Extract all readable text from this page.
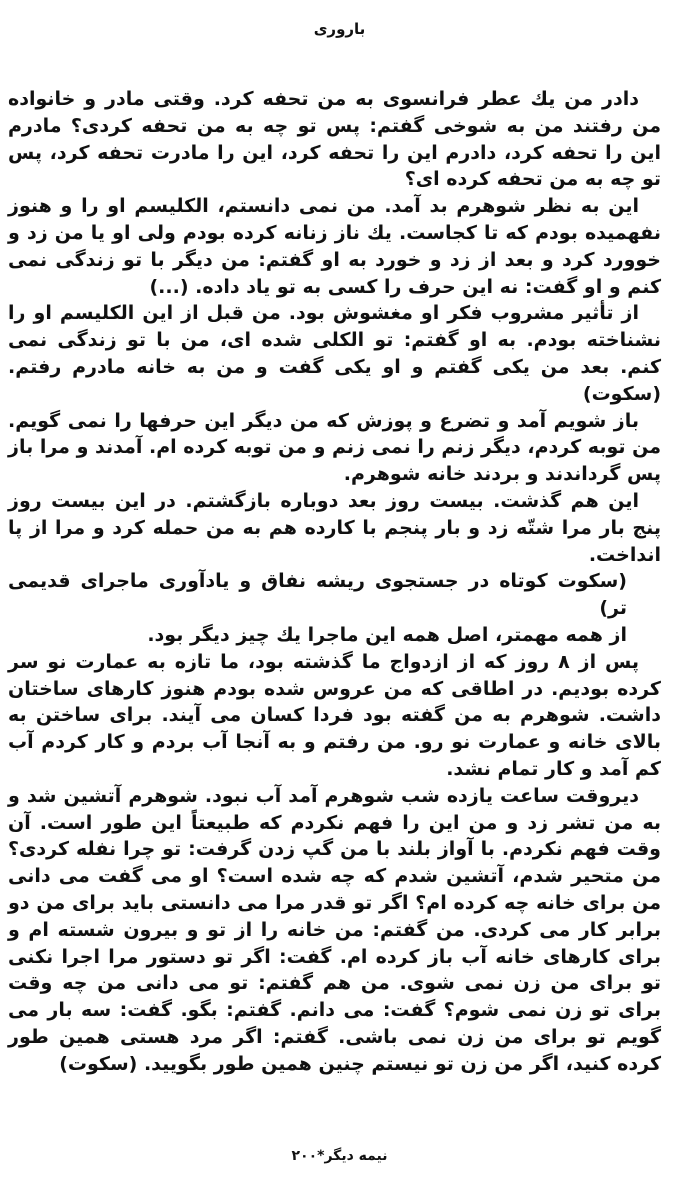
باروری

دادر من یك عطر فرانسوی به من تحفه کرد. وقتی مادر و خانواده من رفتند من به شوخی گفتم: پس تو چه به من تحفه کردی؟ مادرم این را تحفه کرد، دادرم این را تحفه کرد، این را مادرت تحفه کرد، پس تو چه به من تحفه کرده ای؟

این به نظر شوهرم بد آمد. من نمی دانستم، الکلیسم او را و هنوز نفهمیده بودم که تا کجاست. یك ناز زنانه کرده بودم ولی او یا من زد و خوورد کرد و بعد از زد و خورد به او گفتم: من دیگر با تو زندگی نمی کنم و او گفت: نه این حرف را کسی به تو یاد داده. (...)

از تأثیر مشروب فکر او مغشوش بود. من قبل از این الکلیسم او را نشناخته بودم. به او گفتم: تو الکلی شده ای، من با تو زندگی نمی کنم. بعد من یکی گفتم و او یکی گفت و من به خانه مادرم رفتم. (سکوت)

باز شویم آمد و تضرع و پوزش که من دیگر این حرفها را نمی گویم. من توبه کردم، دیگر زنم را نمی زنم و من توبه کرده ام. آمدند و مرا باز پس گرداندند و بردند خانه شوهرم.

این هم گذشت. بیست روز بعد دوباره بازگشتم. در این بیست روز پنج بار مرا شتّه زد و بار پنجم با کارده هم به من حمله کرد و مرا از پا انداخت.

(سکوت کوتاه در جستجوی ریشه نفاق و یادآوری ماجرای قدیمی تر)

از همه مهمتر، اصل همه این ماجرا یك چیز دیگر بود.

پس از ۸ روز که از ازدواج ما گذشته بود، ما تازه به عمارت نو سر کرده بودیم. در اطاقی که من عروس شده بودم هنوز کارهای ساختان داشت. شوهرم به من گفته بود فردا کسان می آیند. برای ساختن به بالای خانه و عمارت نو رو. من رفتم و به آنجا آب بردم و کار کردم آب کم آمد و کار تمام نشد.

دیروقت ساعت یازده شب شوهرم آمد آب نبود. شوهرم آتشین شد و به من تشر زد و من این را فهم نکردم که طبیعتاً این طور است. آن وقت فهم نکردم. با آواز بلند با من گپ زدن گرفت: تو چرا نفله کردی؟ من متحیر شدم، آتشین شدم که چه شده است؟ او می گفت می دانی من برای خانه چه کرده ام؟ اگر تو قدر مرا می دانستی باید برای من دو برابر کار می کردی. من گفتم: من خانه را از تو و بیرون شسته ام و برای کارهای خانه آب باز کرده ام. گفت: اگر تو دستور مرا اجرا نکنی تو برای من زن نمی شوی. من هم گفتم: تو می دانی من چه وقت برای تو زن نمی شوم؟ گفت: می دانم. گفتم: بگو. گفت: سه بار می گویم تو برای من زن نمی باشی. گفتم: اگر مرد هستی همین طور کرده کنید، اگر من زن تو نیستم چنین همین طور بگویید. (سکوت)

نیمه دیگر*۲۰۰
